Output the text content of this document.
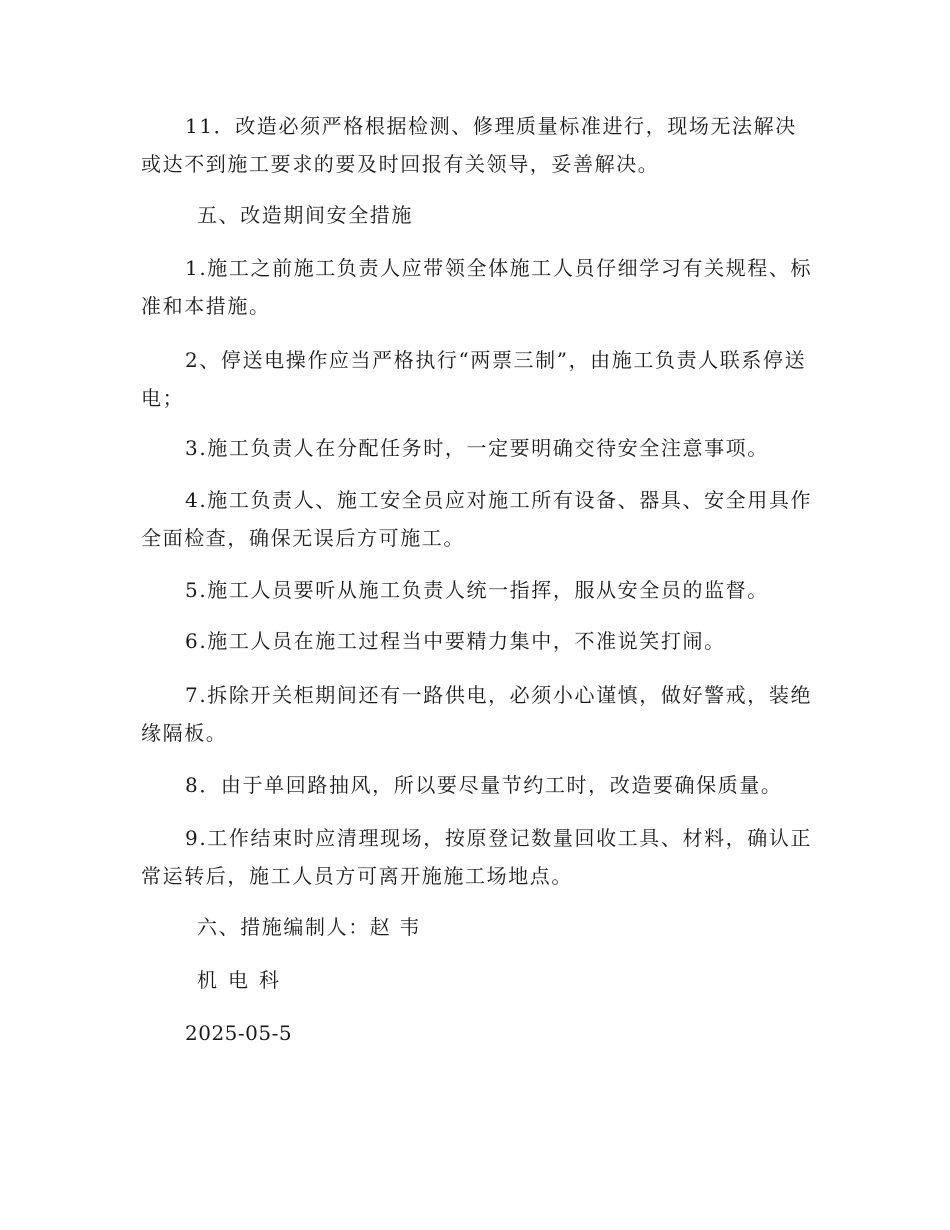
11．改造必须严格根据检测、修理质量标准进行，现场无法解决或达不到施工要求的要及时回报有关领导，妥善解决。

五、改造期间安全措施

1.施工之前施工负责人应带领全体施工人员仔细学习有关规程、标准和本措施。

2、停送电操作应当严格执行“两票三制”，由施工负责人联系停送电；

3.施工负责人在分配任务时，一定要明确交待安全注意事项。

4.施工负责人、施工安全员应对施工所有设备、器具、安全用具作全面检查，确保无误后方可施工。

5.施工人员要听从施工负责人统一指挥，服从安全员的监督。

6.施工人员在施工过程当中要精力集中，不准说笑打闹。

7.拆除开关柜期间还有一路供电，必须小心谨慎，做好警戒，装绝缘隔板。

8．由于单回路抽风，所以要尽量节约工时，改造要确保质量。

9.工作结束时应清理现场，按原登记数量回收工具、材料，确认正常运转后，施工人员方可离开施施工场地点。

六、措施编制人：赵 韦

机电科

2025-05-5
